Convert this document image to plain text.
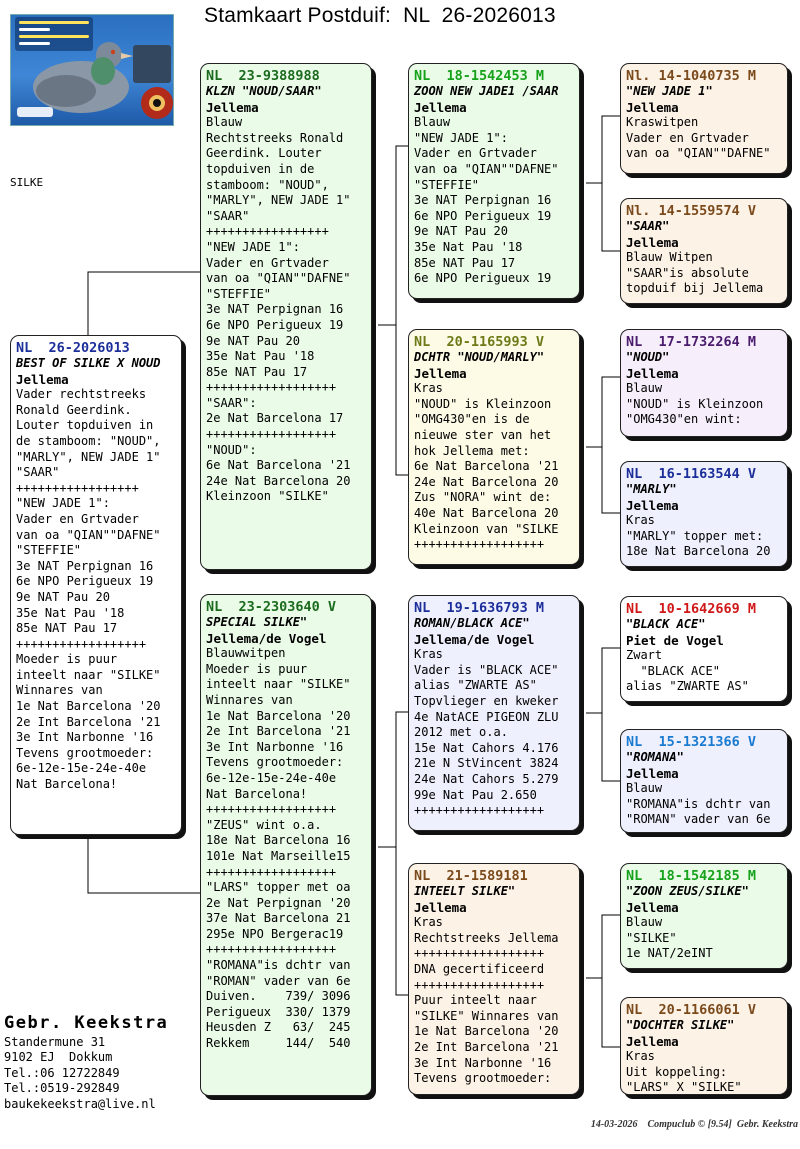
Stamkaart Postduif:  NL  26-2026013
SILKE
NL  26-2026013
BEST OF SILKE X NOUD
Jellema
Vader rechtstreeks
Ronald Geerdink.
Louter topduiven in
de stamboom: "NOUD",
"MARLY", NEW JADE 1"
"SAAR"
+++++++++++++++++
"NEW JADE 1":
Vader en Grtvader
van oa "QIAN""DAFNE"
"STEFFIE"
3e NAT Perpignan 16
6e NPO Perigueux 19
9e NAT Pau 20
35e Nat Pau '18
85e NAT Pau 17
++++++++++++++++++
Moeder is puur
inteelt naar "SILKE"
Winnares van
1e Nat Barcelona '20
2e Int Barcelona '21
3e Int Narbonne '16
Tevens grootmoeder:
6e-12e-15e-24e-40e
Nat Barcelona!
NL  23-9388988
KLZN "NOUD/SAAR"
Jellema
Blauw
Rechtstreeks Ronald
Geerdink. Louter
topduiven in de
stamboom: "NOUD",
"MARLY", NEW JADE 1"
"SAAR"
+++++++++++++++++
"NEW JADE 1":
Vader en Grtvader
van oa "QIAN""DAFNE"
"STEFFIE"
3e NAT Perpignan 16
6e NPO Perigueux 19
9e NAT Pau 20
35e Nat Pau '18
85e NAT Pau 17
++++++++++++++++++
"SAAR":
2e Nat Barcelona 17
++++++++++++++++++
"NOUD":
6e Nat Barcelona '21
24e Nat Barcelona 20
Kleinzoon "SILKE"
NL  23-2303640 V
SPECIAL SILKE"
Jellema/de Vogel
Blauwwitpen
Moeder is puur
inteelt naar "SILKE"
Winnares van
1e Nat Barcelona '20
2e Int Barcelona '21
3e Int Narbonne '16
Tevens grootmoeder:
6e-12e-15e-24e-40e
Nat Barcelona!
++++++++++++++++++
"ZEUS" wint o.a.
18e Nat Barcelona 16
101e Nat Marseille15
++++++++++++++++++
"LARS" topper met oa
2e Nat Perpignan '20
37e Nat Barcelona 21
295e NPO Bergerac19
++++++++++++++++++
"ROMANA"is dchtr van
"ROMAN" vader van 6e
Duiven.    739/ 3096
Perigueux  330/ 1379
Heusden Z   63/  245
Rekkem     144/  540
NL  18-1542453 M
ZOON NEW JADE1 /SAAR
Jellema
Blauw
"NEW JADE 1":
Vader en Grtvader
van oa "QIAN""DAFNE"
"STEFFIE"
3e NAT Perpignan 16
6e NPO Perigueux 19
9e NAT Pau 20
35e Nat Pau '18
85e NAT Pau 17
6e NPO Perigueux 19
NL  20-1165993 V
DCHTR "NOUD/MARLY"
Jellema
Kras
"NOUD" is Kleinzoon
"OMG430"en is de
nieuwe ster van het
hok Jellema met:
6e Nat Barcelona '21
24e Nat Barcelona 20
Zus "NORA" wint de:
40e Nat Barcelona 20
Kleinzoon van "SILKE
++++++++++++++++++
NL  19-1636793 M
ROMAN/BLACK ACE"
Jellema/de Vogel
Kras
Vader is "BLACK ACE"
alias "ZWARTE AS"
Topvlieger en kweker
4e NatACE PIGEON ZLU
2012 met o.a.
15e Nat Cahors 4.176
21e N StVincent 3824
24e Nat Cahors 5.279
99e Nat Pau 2.650
++++++++++++++++++
NL  21-1589181
INTEELT SILKE"
Jellema
Kras
Rechtstreeks Jellema
++++++++++++++++++
DNA gecertificeerd
++++++++++++++++++
Puur inteelt naar
"SILKE" Winnares van
1e Nat Barcelona '20
2e Int Barcelona '21
3e Int Narbonne '16
Tevens grootmoeder:
Nl. 14-1040735 M
"NEW JADE 1"
Jellema
Kraswitpen
Vader en Grtvader
van oa "QIAN""DAFNE"
Nl. 14-1559574 V
"SAAR"
Jellema
Blauw Witpen
"SAAR"is absolute
topduif bij Jellema
NL  17-1732264 M
"NOUD"
Jellema
Blauw
"NOUD" is Kleinzoon
"OMG430"en wint:
NL  16-1163544 V
"MARLY"
Jellema
Kras
"MARLY" topper met:
18e Nat Barcelona 20
NL  10-1642669 M
"BLACK ACE"
Piet de Vogel
Zwart
"BLACK ACE"
alias "ZWARTE AS"
NL  15-1321366 V
"ROMANA"
Jellema
Blauw
"ROMANA"is dchtr van
"ROMAN" vader van 6e
NL  18-1542185 M
"ZOON ZEUS/SILKE"
Jellema
Blauw
"SILKE"
1e NAT/2eINT
NL  20-1166061 V
"DOCHTER SILKE"
Jellema
Kras
Uit koppeling:
"LARS" X "SILKE"
Gebr. Keekstra
Standermune 31
9102 EJ  Dokkum
Tel.:06 12722849
Tel.:0519-292849
baukekeekstra@live.nl
14-03-2026    Compuclub © [9.54]  Gebr. Keekstra
